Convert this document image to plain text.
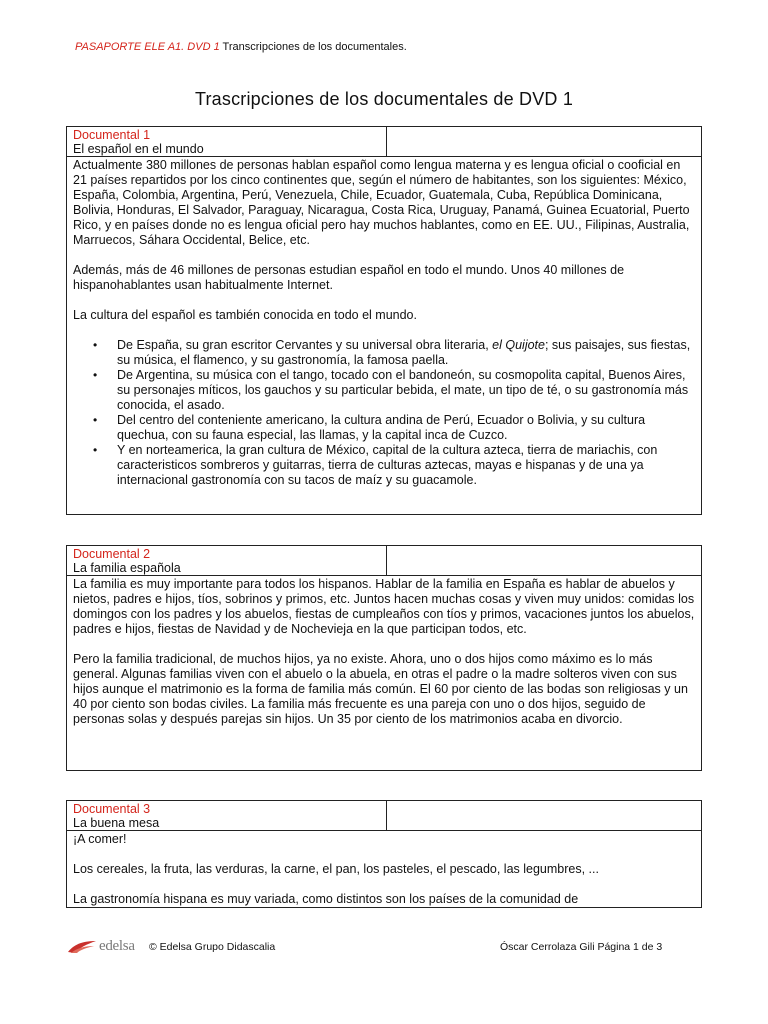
PASAPORTE ELE A1. DVD 1 Transcripciones de los documentales.
Trascripciones de los documentales de DVD 1
Documental 1
El español en el mundo

Actualmente 380 millones de personas hablan español como lengua materna y es lengua oficial o cooficial en 21 países repartidos por los cinco continentes que, según el número de habitantes, son los siguientes: México, España, Colombia, Argentina, Perú, Venezuela, Chile, Ecuador, Guatemala, Cuba, República Dominicana, Bolivia, Honduras, El Salvador, Paraguay, Nicaragua, Costa Rica, Uruguay, Panamá, Guinea Ecuatorial, Puerto Rico, y en países donde no es lengua oficial pero hay muchos hablantes, como en EE. UU., Filipinas, Australia, Marruecos, Sáhara Occidental, Belice, etc.

Además, más de 46 millones de personas estudian español en todo el mundo. Unos 40 millones de hispanohablantes usan habitualmente Internet.

La cultura del español es también conocida en todo el mundo.

• De España, su gran escritor Cervantes y su universal obra literaria, el Quijote; sus paisajes, sus fiestas, su música, el flamenco, y su gastronomía, la famosa paella.
• De Argentina, su música con el tango, tocado con el bandoneón, su cosmopolita capital, Buenos Aires, su personajes míticos, los gauchos y su particular bebida, el mate, un tipo de té, o su gastronomía más conocida, el asado.
• Del centro del conteniente americano, la cultura andina de Perú, Ecuador o Bolivia, y su cultura quechua, con su fauna especial, las llamas, y la capital inca de Cuzco.
• Y en norteamerica, la gran cultura de México, capital de la cultura azteca, tierra de mariachis, con caracteristicos sombreros y guitarras, tierra de culturas aztecas, mayas e hispanas y de una ya internacional gastronomía con su tacos de maíz y su guacamole.
Documental 2
La familia española

La familia es muy importante para todos los hispanos. Hablar de la familia en España es hablar de abuelos y nietos, padres e hijos, tíos, sobrinos y primos, etc. Juntos hacen muchas cosas y viven muy unidos: comidas los domingos con los padres y los abuelos, fiestas de cumpleaños con tíos y primos, vacaciones juntos los abuelos, padres e hijos, fiestas de Navidad y de Nochevieja en la que participan todos, etc.

Pero la familia tradicional, de muchos hijos, ya no existe. Ahora, uno o dos hijos como máximo es lo más general. Algunas familias viven con el abuelo o la abuela, en otras el padre o la madre solteros viven con sus hijos aunque el matrimonio es la forma de familia más común. El 60 por ciento de las bodas son religiosas y un 40 por ciento son bodas civiles. La familia más frecuente es una pareja con uno o dos hijos, seguido de personas solas y después parejas sin hijos. Un 35 por ciento de los matrimonios acaba en divorcio.

Documental 3
La buena mesa

¡A comer!

Los cereales, la fruta, las verduras, la carne, el pan, los pasteles, el pescado, las legumbres, ...

La gastronomía hispana es muy variada, como distintos son los países de la comunidad de

edelsa © Edelsa Grupo Didascalia	Óscar Cerrolaza Gili Página 1 de 3
